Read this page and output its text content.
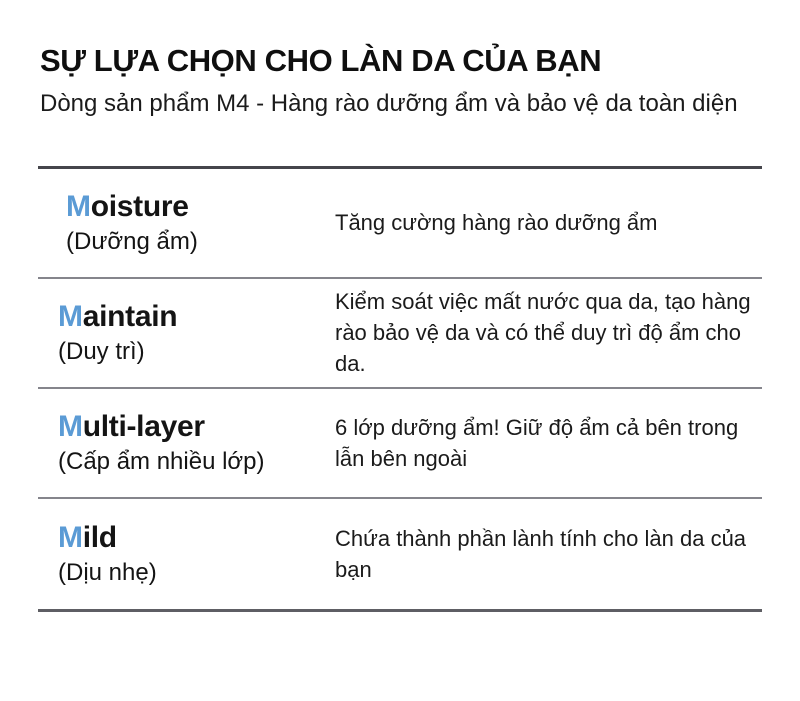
SỰ LỰA CHỌN CHO LÀN DA CỦA BẠN
Dòng sản phẩm M4 - Hàng rào dưỡng ẩm và bảo vệ da toàn diện
Moisture
(Dưỡng ẩm)
Tăng cường hàng rào dưỡng ẩm
Maintain
(Duy trì)
Kiểm soát việc mất nước qua da, tạo hàng rào bảo vệ da và có thể duy trì độ ẩm cho da.
Multi-layer
(Cấp ẩm nhiều lớp)
6 lớp dưỡng ẩm! Giữ độ ẩm cả bên trong lẫn bên ngoài
Mild
(Dịu nhẹ)
Chứa thành phần lành tính cho làn da của bạn
